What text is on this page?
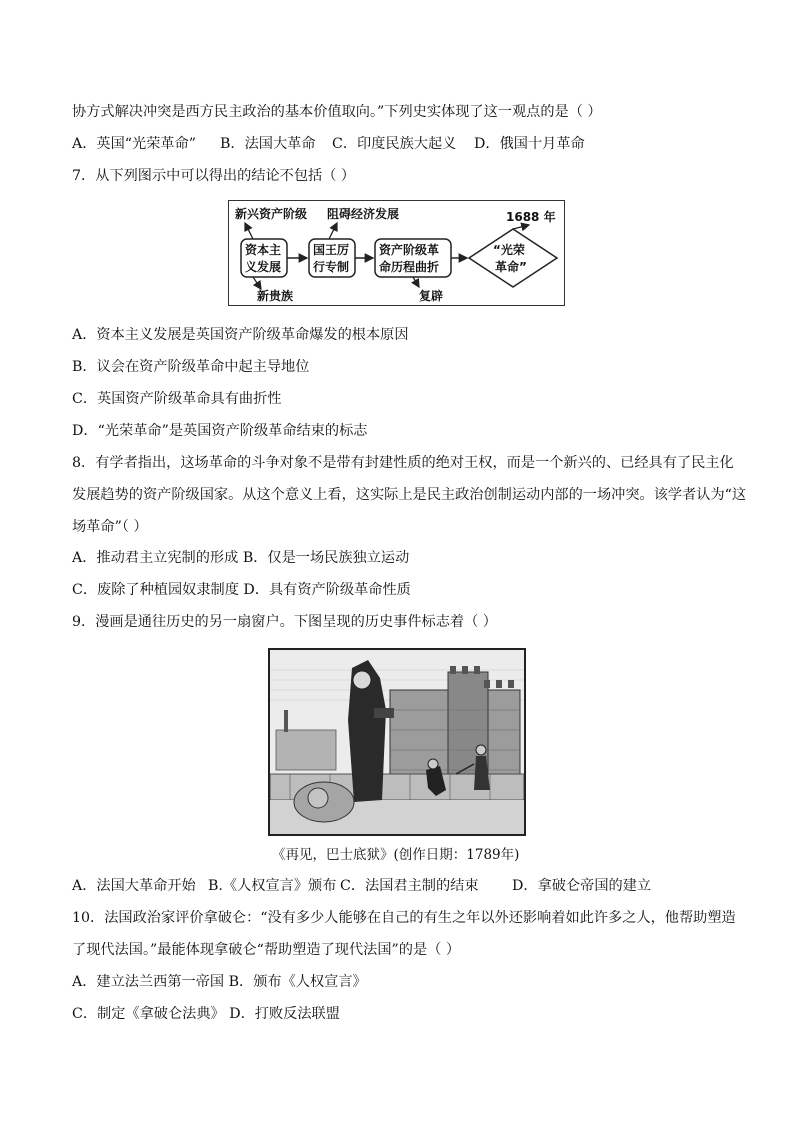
协方式解决冲突是西方民主政治的基本价值取向。”下列史实体现了这一观点的是（ ）
A．英国“光荣革命” B．法国大革命 C．印度民族大起义 D．俄国十月革命
7．从下列图示中可以得出的结论不包括（ ）
新兴资产阶级 阻碍经济发展	1688 年
资本主
义发展
国王厉
行专制
资产阶级革
命历程曲折
“光荣
革命”
新贵族	复辟
A．资本主义发展是英国资产阶级革命爆发的根本原因
B．议会在资产阶级革命中起主导地位
C．英国资产阶级革命具有曲折性
D．“光荣革命”是英国资产阶级革命结束的标志
8．有学者指出，这场革命的斗争对象不是带有封建性质的绝对王权，而是一个新兴的、已经具有了民主化
发展趋势的资产阶级国家。从这个意义上看，这实际上是民主政治创制运动内部的一场冲突。该学者认为“这
场革命”（ ）
A．推动君主立宪制的形成 B．仅是一场民族独立运动
C．废除了种植园奴隶制度 D．具有资产阶级革命性质
9．漫画是通往历史的另一扇窗户。下图呈现的历史事件标志着（ ）
《再见，巴士底狱》(创作日期：1789年)
A．法国大革命开始 B.《人权宣言》颁布 C．法国君主制的结束 D．拿破仑帝国的建立
10．法国政治家评价拿破仑：“没有多少人能够在自己的有生之年以外还影响着如此许多之人，他帮助塑造
了现代法国。”最能体现拿破仑“帮助塑造了现代法国”的是（ ）
A．建立法兰西第一帝国 B．颁布《人权宣言》
C．制定《拿破仑法典》 D．打败反法联盟
